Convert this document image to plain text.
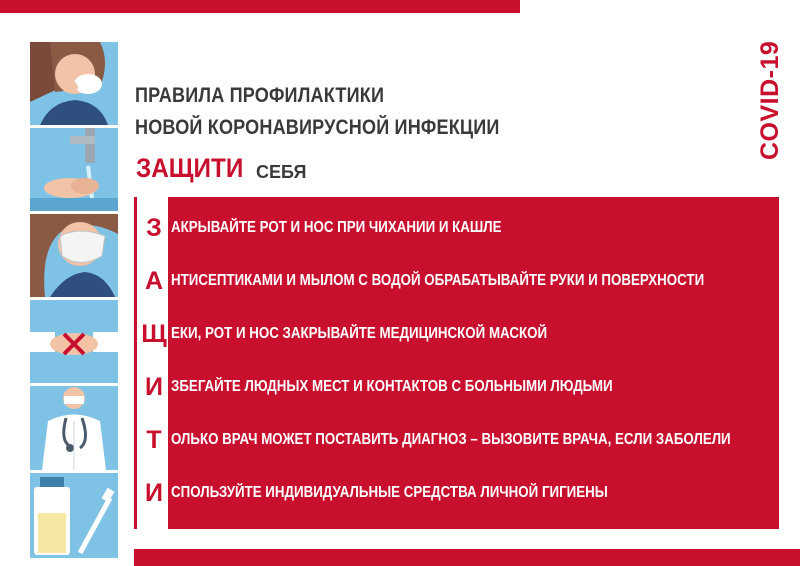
COVID-19
ПРАВИЛА ПРОФИЛАКТИКИ
НОВОЙ КОРОНАВИРУСНОЙ ИНФЕКЦИИ
ЗАЩИТИ СЕБЯ
З АКРЫВАЙТЕ РОТ И НОС ПРИ ЧИХАНИИ И КАШЛЕ
А НТИСЕПТИКАМИ И МЫЛОМ С ВОДОЙ ОБРАБАТЫВАЙТЕ РУКИ И ПОВЕРХНОСТИ
Щ ЕКИ, РОТ И НОС ЗАКРЫВАЙТЕ МЕДИЦИНСКОЙ МАСКОЙ
И ЗБЕГАЙТЕ ЛЮДНЫХ МЕСТ И КОНТАКТОВ С БОЛЬНЫМИ ЛЮДЬМИ
Т ОЛЬКО ВРАЧ МОЖЕТ ПОСТАВИТЬ ДИАГНОЗ – ВЫЗОВИТЕ ВРАЧА, ЕСЛИ ЗАБОЛЕЛИ
И СПОЛЬЗУЙТЕ ИНДИВИДУАЛЬНЫЕ СРЕДСТВА ЛИЧНОЙ ГИГИЕНЫ
